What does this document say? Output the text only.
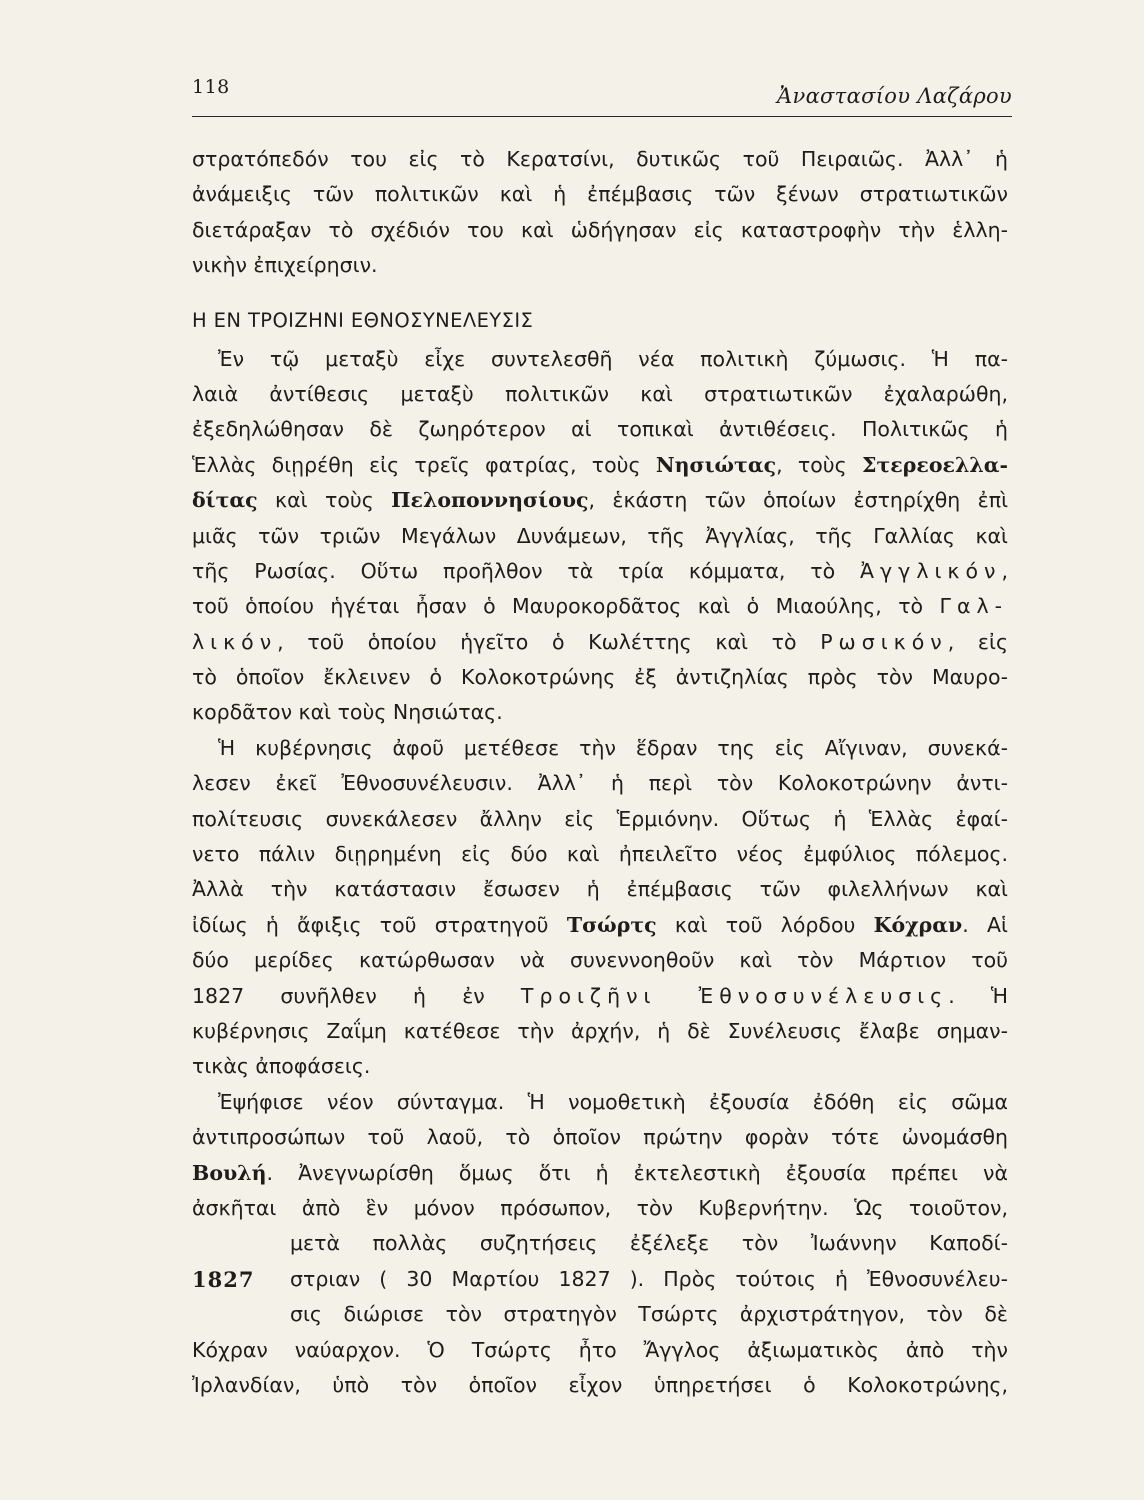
118	Ἀναστασίου Λαζάρου
στρατόπεδόν του εἰς τὸ Κερατσίνι, δυτικῶς τοῦ Πειραιῶς. Ἀλλ᾽ ἡ
ἀνάμειξις τῶν πολιτικῶν καὶ ἡ ἐπέμβασις τῶν ξένων στρατιωτικῶν
διετάραξαν τὸ σχέδιόν του καὶ ὡδήγησαν εἰς καταστροφὴν τὴν ἑλλη-
νικὴν ἐπιχείρησιν.
Η ΕΝ ΤΡΟΙΖΗΝΙ ΕΘΝΟΣΥΝΕΛΕΥΣΙΣ
Ἐν τῷ μεταξὺ εἶχε συντελεσθῆ νέα πολιτικὴ ζύμωσις. Ἡ πα-
λαιὰ ἀντίθεσις μεταξὺ πολιτικῶν καὶ στρατιωτικῶν ἐχαλαρώθη,
ἐξεδηλώθησαν δὲ ζωηρότερον αἱ τοπικαὶ ἀντιθέσεις. Πολιτικῶς ἡ
Ἑλλὰς διῃρέθη εἰς τρεῖς φατρίας, τοὺς Νησιώτας, τοὺς Στερεοελλα-
δίτας καὶ τοὺς Πελοποννησίους, ἑκάστη τῶν ὁποίων ἐστηρίχθη ἐπὶ
μιᾶς τῶν τριῶν Μεγάλων Δυνάμεων, τῆς Ἀγγλίας, τῆς Γαλλίας καὶ
τῆς Ρωσίας. Οὕτω προῆλθον τὰ τρία κόμματα, τὸ Ἀγγλικόν,
τοῦ ὁποίου ἡγέται ἦσαν ὁ Μαυροκορδᾶτος καὶ ὁ Μιαούλης, τὸ Γαλ-
λικόν, τοῦ ὁποίου ἡγεῖτο ὁ Κωλέττης καὶ τὸ Ρωσικόν, εἰς
τὸ ὁποῖον ἔκλεινεν ὁ Κολοκοτρώνης ἐξ ἀντιζηλίας πρὸς τὸν Μαυρο-
κορδᾶτον καὶ τοὺς Νησιώτας.
Ἡ κυβέρνησις ἀφοῦ μετέθεσε τὴν ἕδραν της εἰς Αἴγιναν, συνεκά-
λεσεν ἐκεῖ Ἐθνοσυνέλευσιν. Ἀλλ᾽ ἡ περὶ τὸν Κολοκοτρώνην ἀντι-
πολίτευσις συνεκάλεσεν ἄλλην εἰς Ἑρμιόνην. Οὕτως ἡ Ἑλλὰς ἐφαί-
νετο πάλιν διῃρημένη εἰς δύο καὶ ἠπειλεῖτο νέος ἐμφύλιος πόλεμος.
Ἀλλὰ τὴν κατάστασιν ἔσωσεν ἡ ἐπέμβασις τῶν φιλελλήνων καὶ
ἰδίως ἡ ἄφιξις τοῦ στρατηγοῦ Τσώρτς καὶ τοῦ λόρδου Κόχραν. Αἱ
δύο μερίδες κατώρθωσαν νὰ συνεννοηθοῦν καὶ τὸν Μάρτιον τοῦ
1827 συνῆλθεν ἡ ἐν Τροιζῆνι Ἐθνοσυνέλευσις. Ἡ
κυβέρνησις Ζαΐμη κατέθεσε τὴν ἀρχήν, ἡ δὲ Συνέλευσις ἔλαβε σημαν-
τικὰς ἀποφάσεις.
Ἐψήφισε νέον σύνταγμα. Ἡ νομοθετικὴ ἐξουσία ἐδόθη εἰς σῶμα
ἀντιπροσώπων τοῦ λαοῦ, τὸ ὁποῖον πρώτην φορὰν τότε ὠνομάσθη
Βουλή. Ἀνεγνωρίσθη ὅμως ὅτι ἡ ἐκτελεστικὴ ἐξουσία πρέπει νὰ
ἀσκῆται ἀπὸ ἓν μόνον πρόσωπον, τὸν Κυβερνήτην. Ὡς τοιοῦτον,
μετὰ πολλὰς συζητήσεις ἐξέλεξε τὸν Ἰωάννην Καποδί-
1827 στριαν ( 30 Μαρτίου 1827 ). Πρὸς τούτοις ἡ Ἐθνοσυνέλευ-
σις διώρισε τὸν στρατηγὸν Τσώρτς ἀρχιστράτηγον, τὸν δὲ
Κόχραν ναύαρχον. Ὁ Τσώρτς ἦτο Ἄγγλος ἀξιωματικὸς ἀπὸ τὴν
Ἰρλανδίαν, ὑπὸ τὸν ὁποῖον εἶχον ὑπηρετήσει ὁ Κολοκοτρώνης,
